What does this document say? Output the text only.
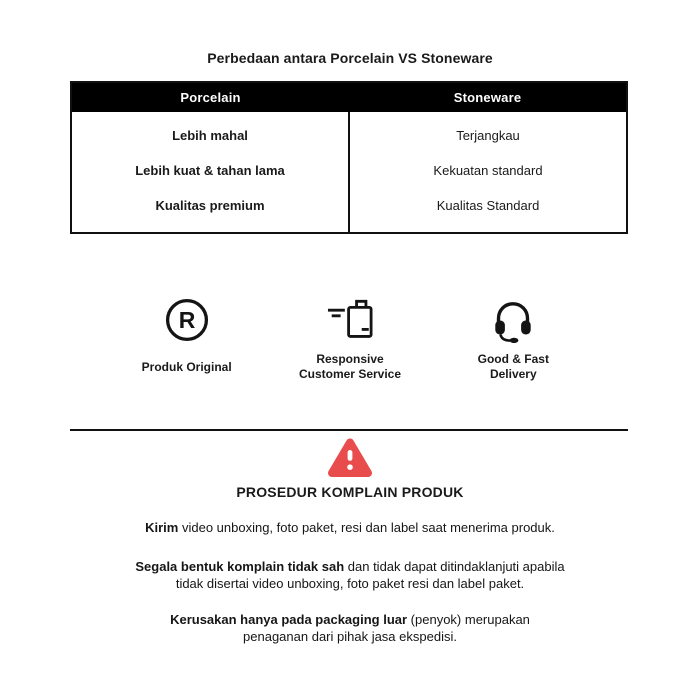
Perbedaan antara Porcelain VS Stoneware
Porcelain	Stoneware
Lebih mahal
Lebih kuat & tahan lama
Kualitas premium
Terjangkau
Kekuatan standard
Kualitas Standard
R
Produk Original
Responsive
Customer Service
Good & Fast
Delivery
PROSEDUR KOMPLAIN PRODUK
Kirim video unboxing, foto paket, resi dan label saat menerima produk.
Segala bentuk komplain tidak sah dan tidak dapat ditindaklanjuti apabila
tidak disertai video unboxing, foto paket resi dan label paket.
Kerusakan hanya pada packaging luar (penyok) merupakan
penaganan dari pihak jasa ekspedisi.
